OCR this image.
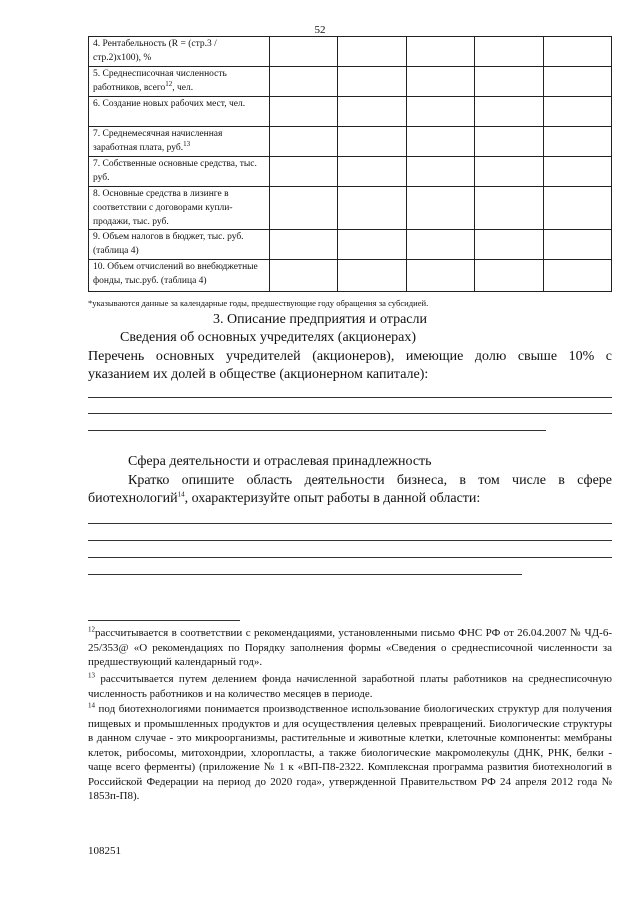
52
4. Рентабельность (R = (стр.3 / стр.2)x100), %					
5. Среднесписочная численность работников, всего$^{12}$, чел.					
6. Создание новых рабочих мест, чел.					
7. Среднемесячная начисленная заработная плата, руб.$^{13}$					
7. Собственные основные средства, тыс. руб.					
8. Основные средства в лизинге в соответствии с договорами купли-продажи, тыс. руб.					
9. Объем налогов в бюджет, тыс. руб. (таблица 4)					
10. Объем отчислений во внебюджетные фонды, тыс.руб. (таблица 4)					
*указываются данные за календарные годы, предшествующие году обращения за субсидией.
3. Описание предприятия и отрасли
Сведения об основных учредителях (акционерах)
Перечень основных учредителей (акционеров), имеющие долю свыше 10% с указанием их долей в обществе (акционерном капитале):
Сфера деятельности и отраслевая принадлежность
Кратко опишите область деятельности бизнеса, в том числе в сфере биотехнологий$^{14}$, охарактеризуйте опыт работы в данной области:
$^{12}$рассчитывается в соответствии с рекомендациями, установленными письмо ФНС РФ от 26.04.2007 № ЧД-6-25/353@ «О рекомендациях по Порядку заполнения формы «Сведения о среднесписочной численности за предшествующий календарный год».
$^{13}$ рассчитывается путем делением фонда начисленной заработной платы работников на среднесписочную численность работников и на количество месяцев в периоде.
$^{14}$ под биотехнологиями понимается производственное использование биологических структур для получения пищевых и промышленных продуктов и для осуществления целевых превращений. Биологические структуры в данном случае - это микроорганизмы, растительные и животные клетки, клеточные компоненты: мембраны клеток, рибосомы, митохондрии, хлоропласты, а также биологические макромолекулы (ДНК, РНК, белки - чаще всего ферменты) (приложение № 1 к «ВП-П8-2322. Комплексная программа развития биотехнологий в Российской Федерации на период до 2020 года», утвержденной Правительством РФ 24 апреля 2012 года № 1853п-П8).
108251
